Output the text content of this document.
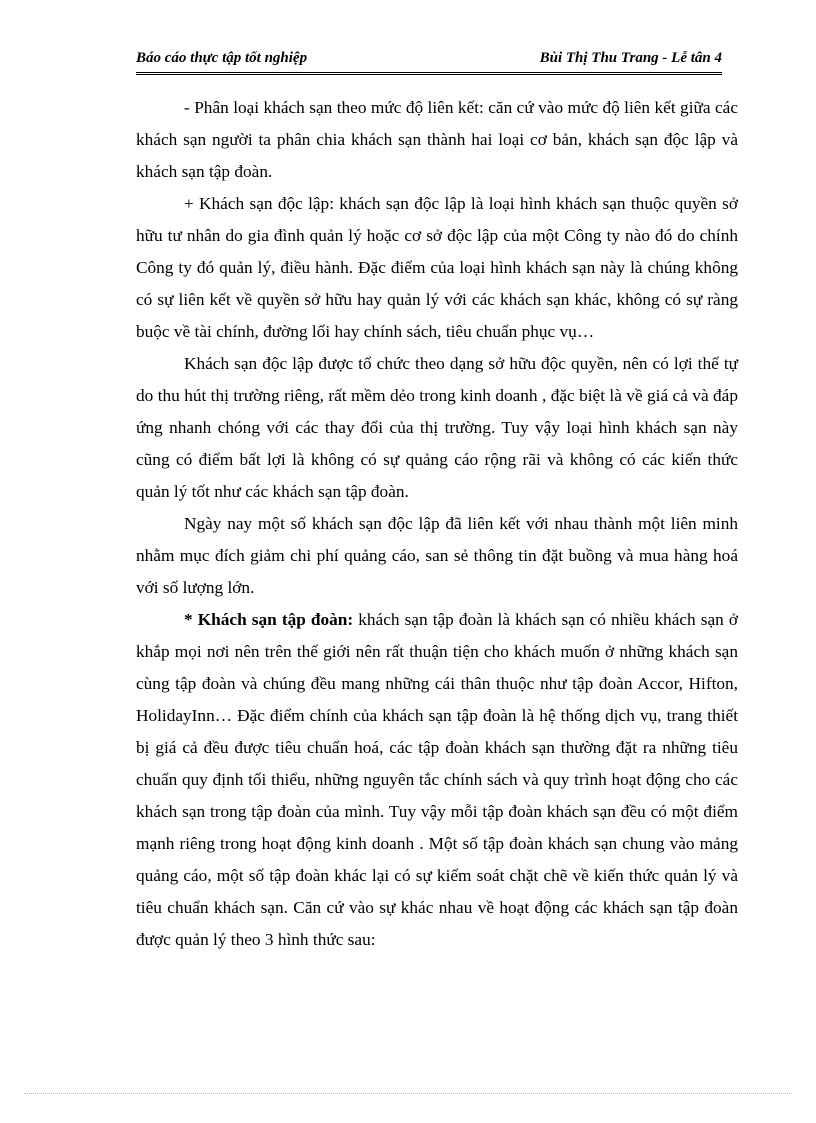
Báo cáo thực tập tốt nghiệp	Bùi Thị Thu Trang - Lễ tân 4

- Phân loại khách sạn theo mức độ liên kết: căn cứ vào mức độ liên kết giữa các khách sạn người ta phân chia khách sạn thành hai loại cơ bản, khách sạn độc lập và khách sạn tập đoàn.

+ Khách sạn độc lập: khách sạn độc lập là loại hình khách sạn thuộc quyền sở hữu tư nhân do gia đình quản lý hoặc cơ sở độc lập của một Công ty nào đó do chính Công ty đó quản lý, điều hành. Đặc điểm của loại hình khách sạn này là chúng không có sự liên kết về quyền sở hữu hay quản lý với các khách sạn khác, không có sự ràng buộc về tài chính, đường lối hay chính sách, tiêu chuẩn phục vụ…

Khách sạn độc lập được tổ chức theo dạng sở hữu độc quyền, nên có lợi thế tự do thu hút thị trường riêng, rất mềm dẻo trong kinh doanh , đặc biệt là về giá cả và đáp ứng nhanh chóng với các thay đổi của thị trường. Tuy vậy loại hình khách sạn này cũng có điểm bất lợi là không có sự quảng cáo rộng rãi và không có các kiến thức quản lý tốt như các khách sạn tập đoàn.

Ngày nay một số khách sạn độc lập đã liên kết với nhau thành một liên minh nhằm mục đích giảm chi phí quảng cáo, san sẻ thông tin đặt buồng và mua hàng hoá với số lượng lớn.

* Khách sạn tập đoàn: khách sạn tập đoàn là khách sạn có nhiều khách sạn ở khắp mọi nơi nên trên thế giới nên rất thuận tiện cho khách muốn ở những khách sạn cùng tập đoàn và chúng đều mang những cái thân thuộc như tập đoàn Accor, Hifton, HolidayInn… Đặc điểm chính của khách sạn tập đoàn là hệ thống dịch vụ, trang thiết bị giá cả đều được tiêu chuẩn hoá, các tập đoàn khách sạn thường đặt ra những tiêu chuẩn quy định tối thiểu, những nguyên tắc chính sách và quy trình hoạt động cho các khách sạn trong tập đoàn của mình. Tuy vậy mỗi tập đoàn khách sạn đều có một điểm mạnh riêng trong hoạt động kinh doanh . Một số tập đoàn khách sạn chung vào mảng quảng cáo, một số tập đoàn khác lại có sự kiểm soát chặt chẽ về kiến thức quản lý và tiêu chuẩn khách sạn. Căn cứ vào sự khác nhau về hoạt động các khách sạn tập đoàn được quản lý theo 3 hình thức sau:
